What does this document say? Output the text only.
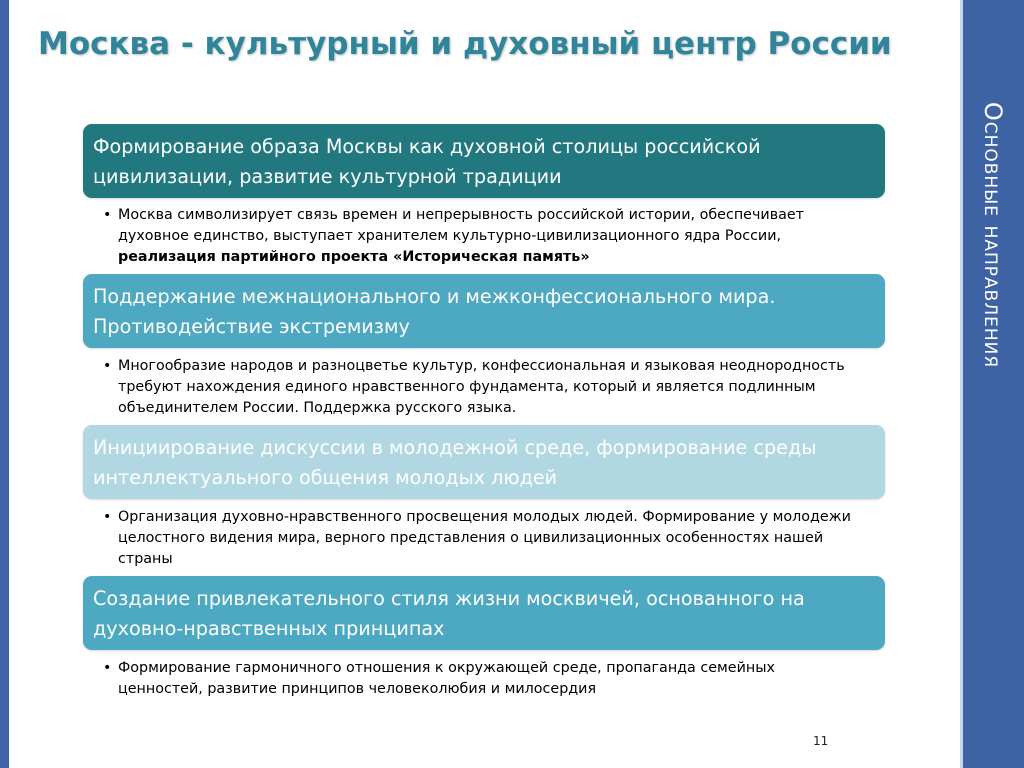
Основные направления
Москва - культурный и духовный центр России
Формирование образа Москвы как духовной столицы российской цивилизации, развитие культурной традиции
• Москва символизирует связь времен и непрерывность российской истории, обеспечивает духовное единство, выступает хранителем культурно-цивилизационного ядра России, реализация партийного проекта «Историческая память»
Поддержание межнационального и межконфессионального мира. Противодействие экстремизму
• Многообразие народов и разноцветье культур, конфессиональная и языковая неоднородность требуют нахождения единого нравственного фундамента, который и является подлинным объединителем России. Поддержка русского языка.
Инициирование дискуссии в молодежной среде, формирование среды интеллектуального общения молодых людей
• Организация духовно-нравственного просвещения молодых людей. Формирование у молодежи целостного видения мира, верного представления о цивилизационных особенностях нашей страны
Создание привлекательного стиля жизни москвичей, основанного на духовно-нравственных принципах
• Формирование гармоничного отношения к окружающей среде, пропаганда семейных ценностей, развитие принципов человеколюбия и милосердия
11
